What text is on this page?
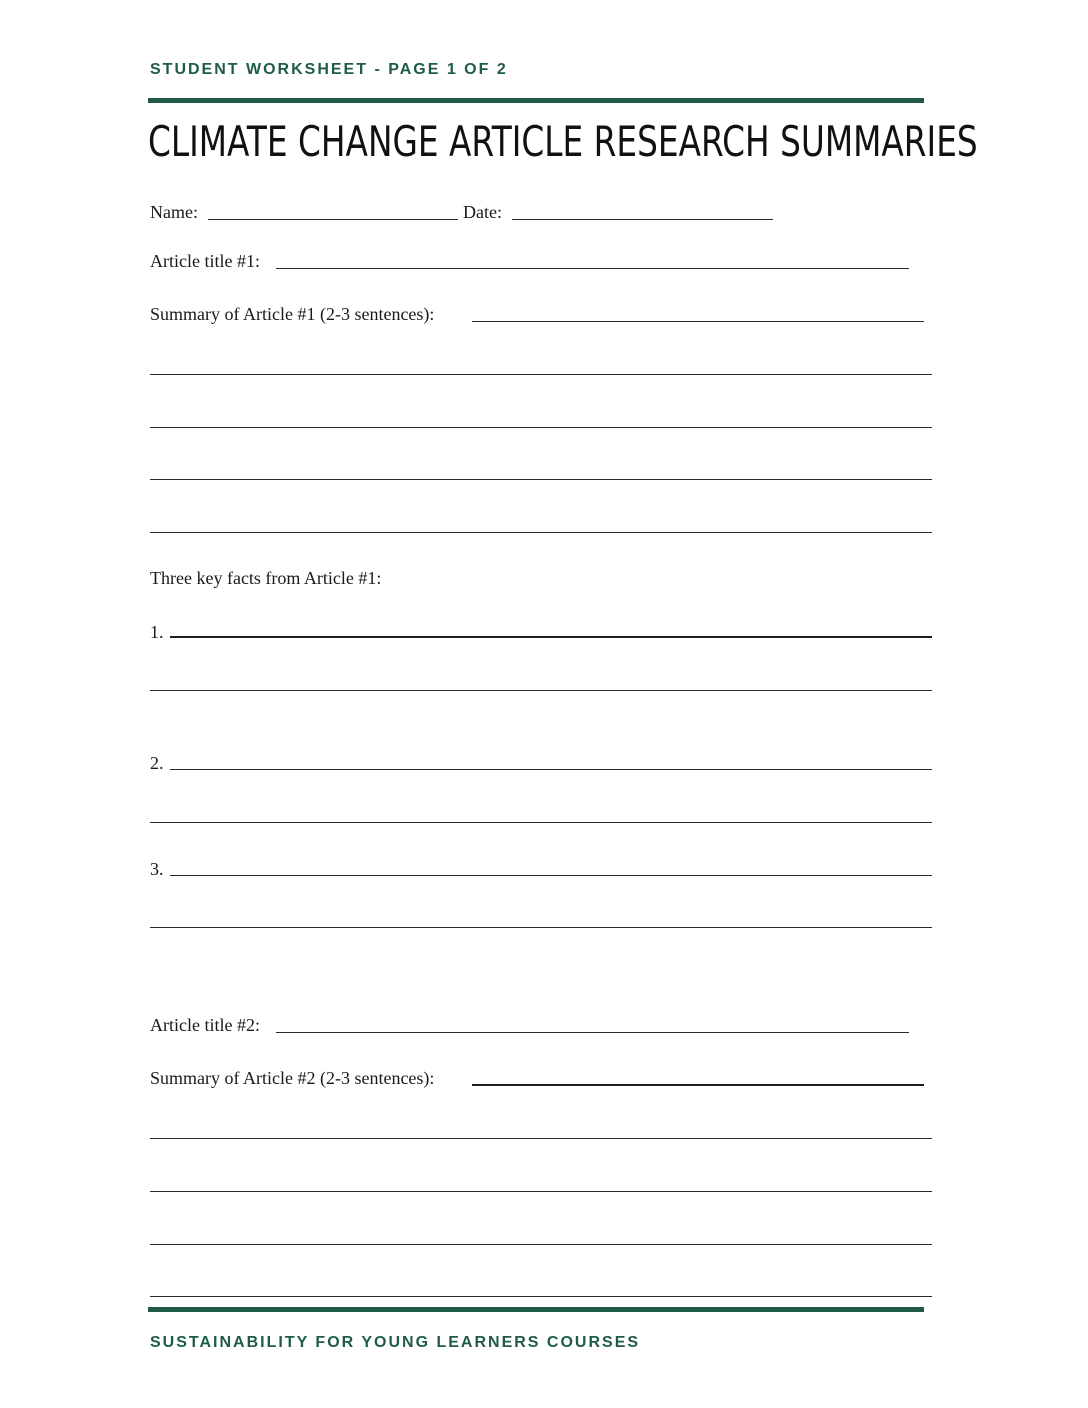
STUDENT WORKSHEET - PAGE 1 OF 2
CLIMATE CHANGE ARTICLE RESEARCH SUMMARIES
Name:	Date:
Article title #1:
Summary of Article #1 (2-3 sentences):
Three key facts from Article #1:
1.
2.
3.
Article title #2:
Summary of Article #2 (2-3 sentences):
SUSTAINABILITY FOR YOUNG LEARNERS COURSES
